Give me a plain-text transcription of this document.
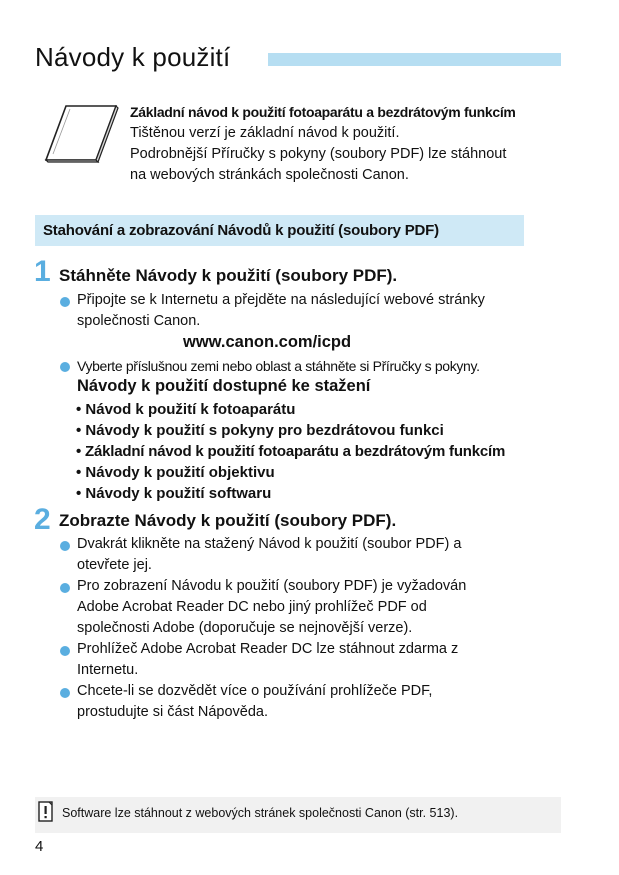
Návody k použití
Základní návod k použití fotoaparátu a bezdrátovým funkcím
Tištěnou verzí je základní návod k použití.
Podrobnější Příručky s pokyny (soubory PDF) lze stáhnout
na webových stránkách společnosti Canon.
Stahování a zobrazování Návodů k použití (soubory PDF)
1 Stáhněte Návody k použití (soubory PDF).
Připojte se k Internetu a přejděte na následující webové stránky
společnosti Canon.
www.canon.com/icpd
Vyberte příslušnou zemi nebo oblast a stáhněte si Příručky s pokyny.
Návody k použití dostupné ke stažení
• Návod k použití k fotoaparátu
• Návody k použití s pokyny pro bezdrátovou funkci
• Základní návod k použití fotoaparátu a bezdrátovým funkcím
• Návody k použití objektivu
• Návody k použití softwaru
2 Zobrazte Návody k použití (soubory PDF).
Dvakrát klikněte na stažený Návod k použití (soubor PDF) a
otevřete jej.
Pro zobrazení Návodu k použití (soubory PDF) je vyžadován
Adobe Acrobat Reader DC nebo jiný prohlížeč PDF od
společnosti Adobe (doporučuje se nejnovější verze).
Prohlížeč Adobe Acrobat Reader DC lze stáhnout zdarma z
Internetu.
Chcete-li se dozvědět více o používání prohlížeče PDF,
prostudujte si část Nápověda.
Software lze stáhnout z webových stránek společnosti Canon (str. 513).
4
